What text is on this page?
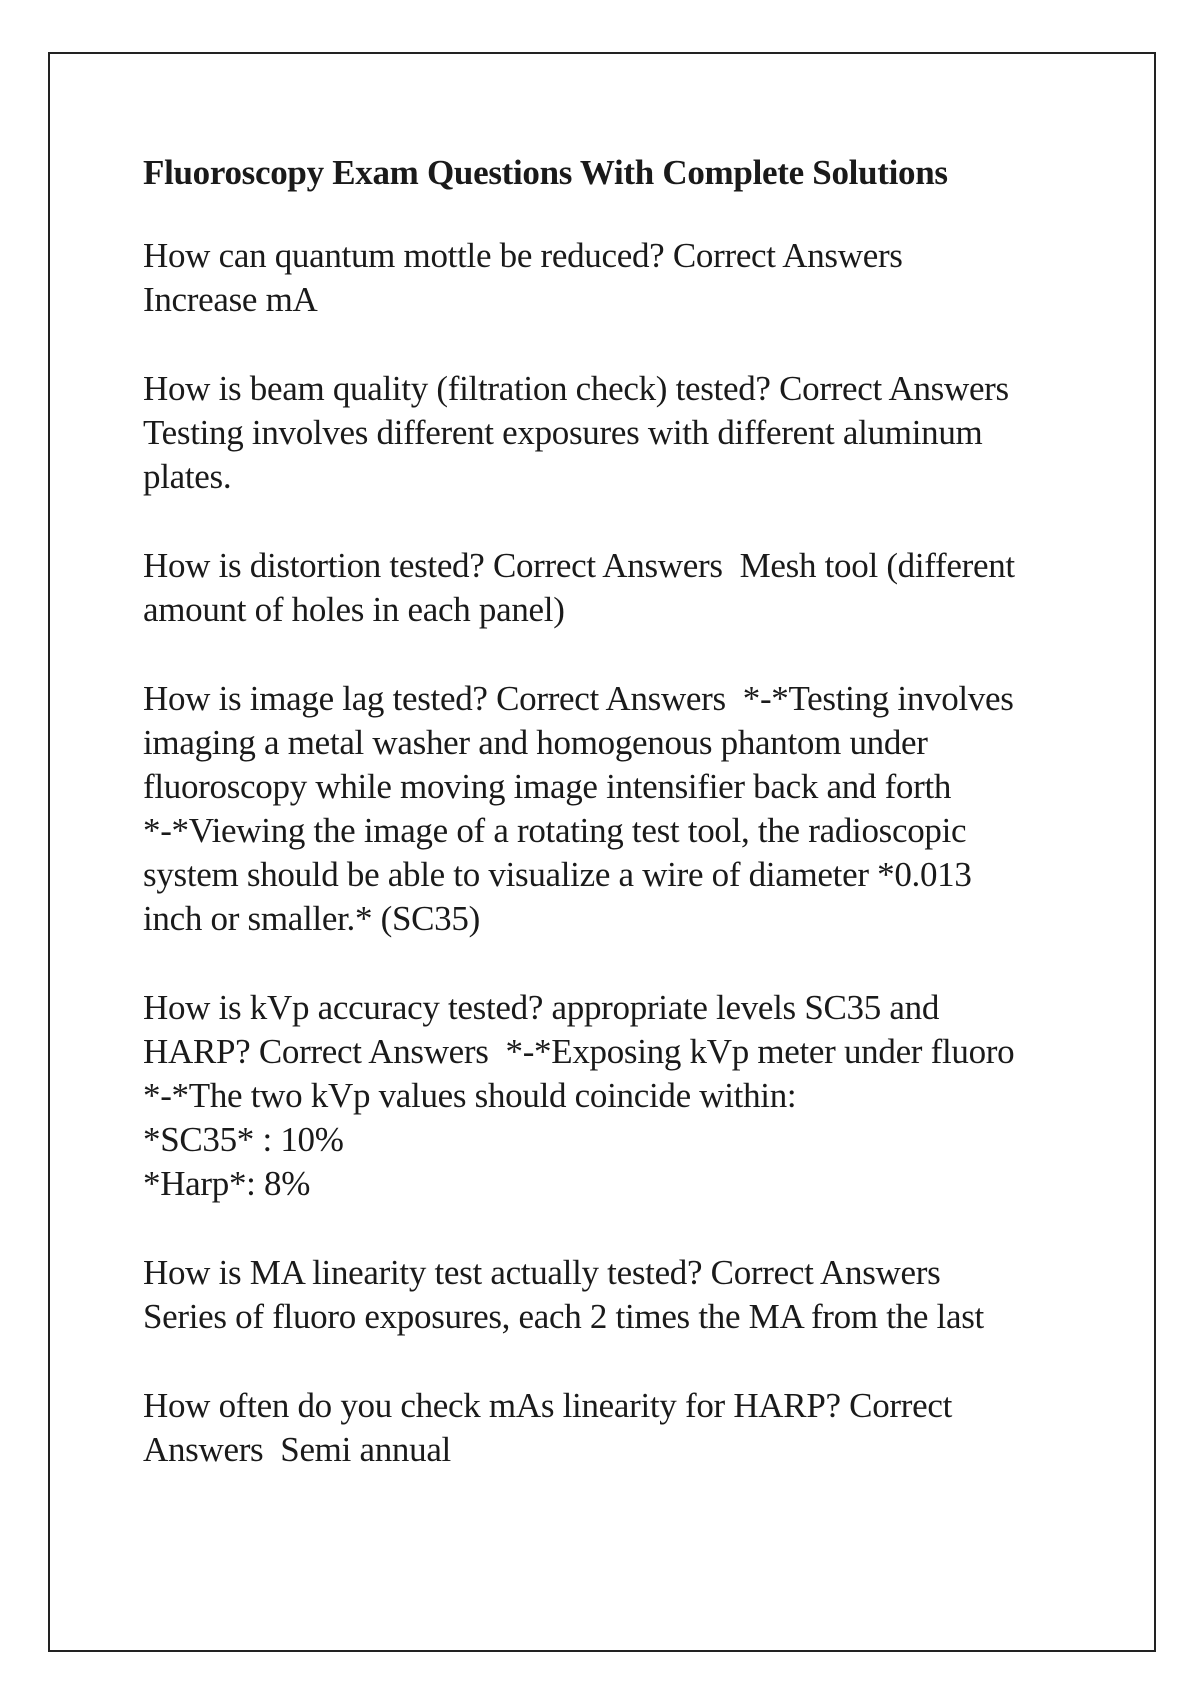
Fluoroscopy Exam Questions With Complete Solutions
How can quantum mottle be reduced? Correct Answers
Increase mA
How is beam quality (filtration check) tested? Correct Answers
Testing involves different exposures with different aluminum
plates.
How is distortion tested? Correct Answers  Mesh tool (different
amount of holes in each panel)
How is image lag tested? Correct Answers  *-*Testing involves
imaging a metal washer and homogenous phantom under
fluoroscopy while moving image intensifier back and forth
*-*Viewing the image of a rotating test tool, the radioscopic
system should be able to visualize a wire of diameter *0.013
inch or smaller.* (SC35)
How is kVp accuracy tested? appropriate levels SC35 and
HARP? Correct Answers  *-*Exposing kVp meter under fluoro
*-*The two kVp values should coincide within:
*SC35* : 10%
*Harp*: 8%
How is MA linearity test actually tested? Correct Answers
Series of fluoro exposures, each 2 times the MA from the last
How often do you check mAs linearity for HARP? Correct
Answers  Semi annual
